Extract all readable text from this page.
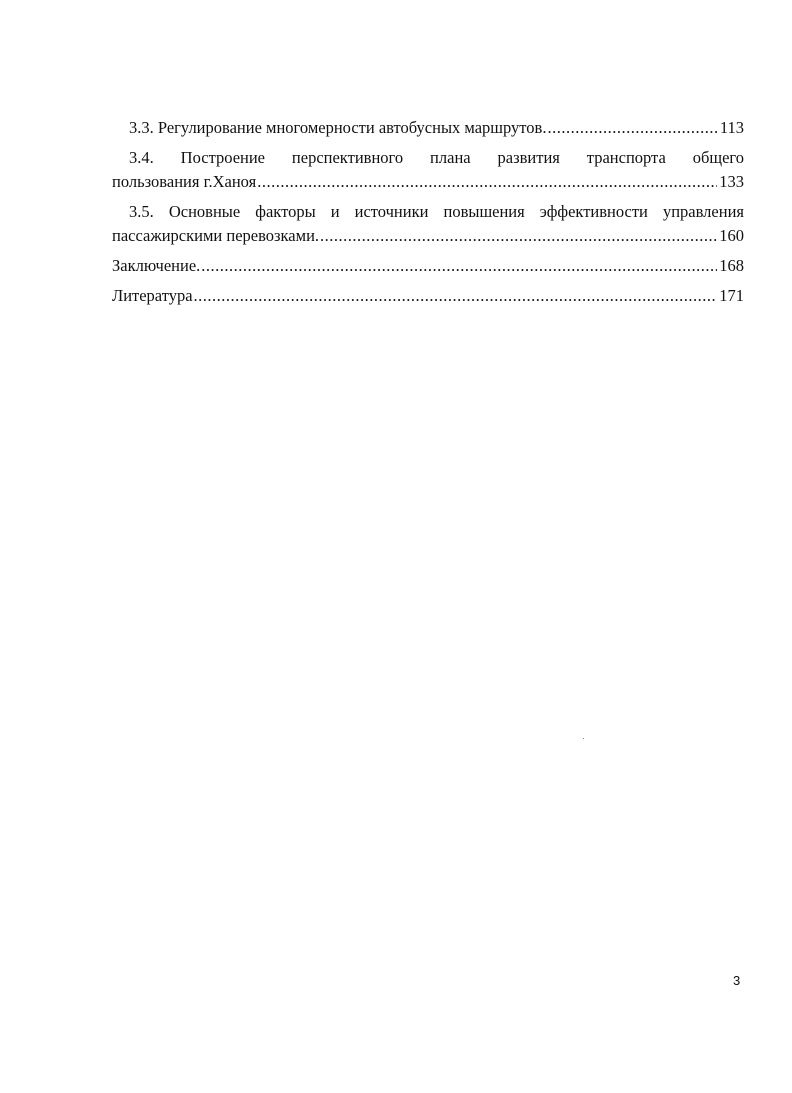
3.3. Регулирование многомерности автобусных маршрутов. .....	113
3.4. Построение перспективного плана развития транспорта общего
пользования г.Ханоя .....	133
3.5. Основные факторы и источники повышения эффективности управления
пассажирскими перевозками. .....	160
Заключение. .....	168
Литература .....	171
3
